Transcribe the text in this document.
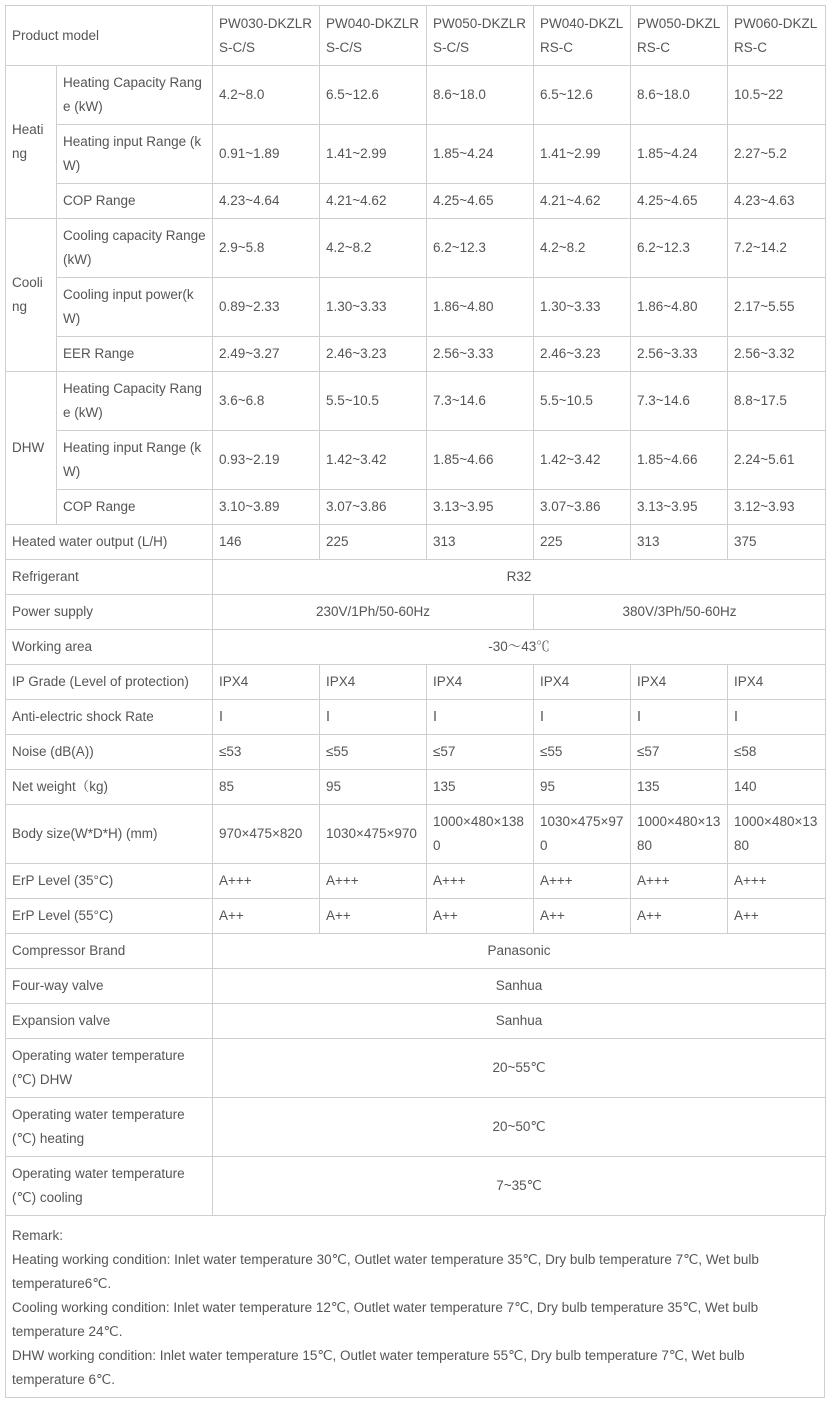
Product model		PW030-DKZLRS-C/S	PW040-DKZLRS-C/S	PW050-DKZLRS-C/S	PW040-DKZLRS-C	PW050-DKZLRS-C	PW060-DKZLRS-C
Heating	Heating Capacity Range (kW)	4.2~8.0	6.5~12.6	8.6~18.0	6.5~12.6	8.6~18.0	10.5~22
	Heating input Range (kW)	0.91~1.89	1.41~2.99	1.85~4.24	1.41~2.99	1.85~4.24	2.27~5.2
	COP Range	4.23~4.64	4.21~4.62	4.25~4.65	4.21~4.62	4.25~4.65	4.23~4.63
Cooling	Cooling capacity Range (kW)	2.9~5.8	4.2~8.2	6.2~12.3	4.2~8.2	6.2~12.3	7.2~14.2
	Cooling input power(kW)	0.89~2.33	1.30~3.33	1.86~4.80	1.30~3.33	1.86~4.80	2.17~5.55
	EER Range	2.49~3.27	2.46~3.23	2.56~3.33	2.46~3.23	2.56~3.33	2.56~3.32
DHW	Heating Capacity Range (kW)	3.6~6.8	5.5~10.5	7.3~14.6	5.5~10.5	7.3~14.6	8.8~17.5
	Heating input Range (kW)	0.93~2.19	1.42~3.42	1.85~4.66	1.42~3.42	1.85~4.66	2.24~5.61
	COP Range	3.10~3.89	3.07~3.86	3.13~3.95	3.07~3.86	3.13~3.95	3.12~3.93
Heated water output (L/H)		146	225	313	225	313	375
Refrigerant		R32					
Power supply		230V/1Ph/50-60Hz			380V/3Ph/50-60Hz		
Working area		-30～43℃					
IP Grade (Level of protection)		IPX4	IPX4	IPX4	IPX4	IPX4	IPX4
Anti-electric shock Rate		Ⅰ	Ⅰ	Ⅰ	Ⅰ	Ⅰ	Ⅰ
Noise (dB(A))		≤53	≤55	≤57	≤55	≤57	≤58
Net weight（kg)		85	95	135	95	135	140
Body size(W*D*H) (mm)		970×475×820	1030×475×970	1000×480×1380	1030×475×970	1000×480×1380	1000×480×1380
ErP Level (35°C)		A+++	A+++	A+++	A+++	A+++	A+++
ErP Level (55°C)		A++	A++	A++	A++	A++	A++
Compressor Brand		Panasonic					
Four-way valve		Sanhua					
Expansion valve		Sanhua					
Operating water temperature (℃) DHW		20~55℃					
Operating water temperature (℃) heating		20~50℃					
Operating water temperature (℃) cooling		7~35℃					
Remark:
Heating working condition: Inlet water temperature 30℃, Outlet water temperature 35℃, Dry bulb temperature 7℃, Wet bulb temperature6℃.
Cooling working condition: Inlet water temperature 12℃, Outlet water temperature 7℃, Dry bulb temperature 35℃, Wet bulb temperature 24℃.
DHW working condition: Inlet water temperature 15℃, Outlet water temperature 55℃, Dry bulb temperature 7℃, Wet bulb temperature 6℃.
